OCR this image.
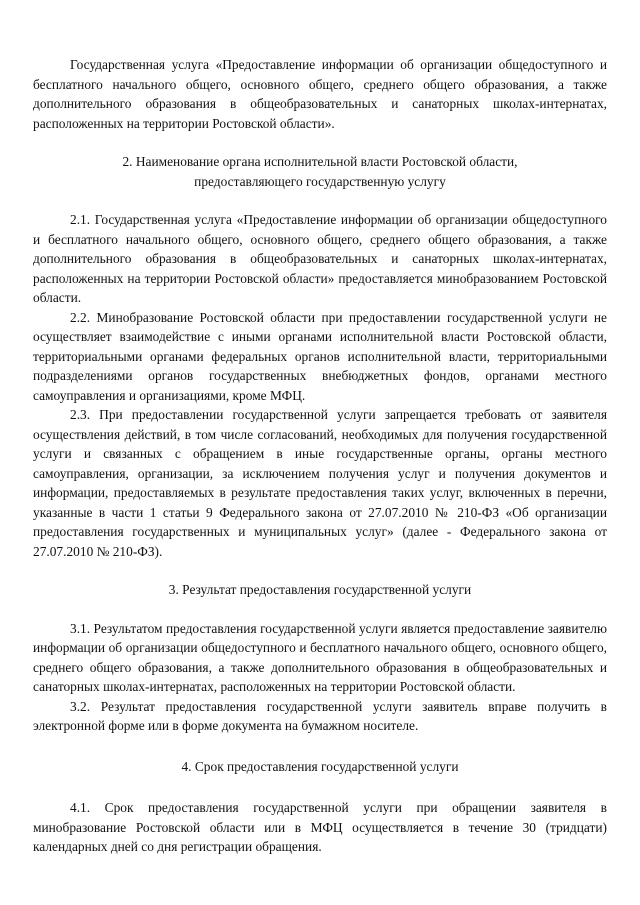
Государственная услуга «Предоставление информации об организации общедоступного и бесплатного начального общего, основного общего, среднего общего образования, а также дополнительного образования в общеобразовательных и санаторных школах-интернатах, расположенных на территории Ростовской области».

2. Наименование органа исполнительной власти Ростовской области,
предоставляющего государственную услугу

2.1. Государственная услуга «Предоставление информации об организации общедоступного и бесплатного начального общего, основного общего, среднего общего образования, а также дополнительного образования в общеобразовательных и санаторных школах-интернатах, расположенных на территории Ростовской области» предоставляется минобразованием Ростовской области.

2.2. Минобразование Ростовской области при предоставлении государственной услуги не осуществляет взаимодействие с иными органами исполнительной власти Ростовской области, территориальными органами федеральных органов исполнительной власти, территориальными подразделениями органов государственных внебюджетных фондов, органами местного самоуправления и организациями, кроме МФЦ.

2.3. При предоставлении государственной услуги запрещается требовать от заявителя осуществления действий, в том числе согласований, необходимых для получения государственной услуги и связанных с обращением в иные государственные органы, органы местного самоуправления, организации, за исключением получения услуг и получения документов и информации, предоставляемых в результате предоставления таких услуг, включенных в перечни, указанные в части 1 статьи 9 Федерального закона от 27.07.2010 № 210-ФЗ «Об организации предоставления государственных и муниципальных услуг» (далее - Федерального закона от 27.07.2010 № 210-ФЗ).

3. Результат предоставления государственной услуги

3.1. Результатом предоставления государственной услуги является предоставление заявителю информации об организации общедоступного и бесплатного начального общего, основного общего, среднего общего образования, а также дополнительного образования в общеобразовательных и санаторных школах-интернатах, расположенных на территории Ростовской области.

3.2. Результат предоставления государственной услуги заявитель вправе получить в электронной форме или в форме документа на бумажном носителе.

4. Срок предоставления государственной услуги

4.1. Срок предоставления государственной услуги при обращении заявителя в минобразование Ростовской области или в МФЦ осуществляется в течение 30 (тридцати) календарных дней со дня регистрации обращения.
